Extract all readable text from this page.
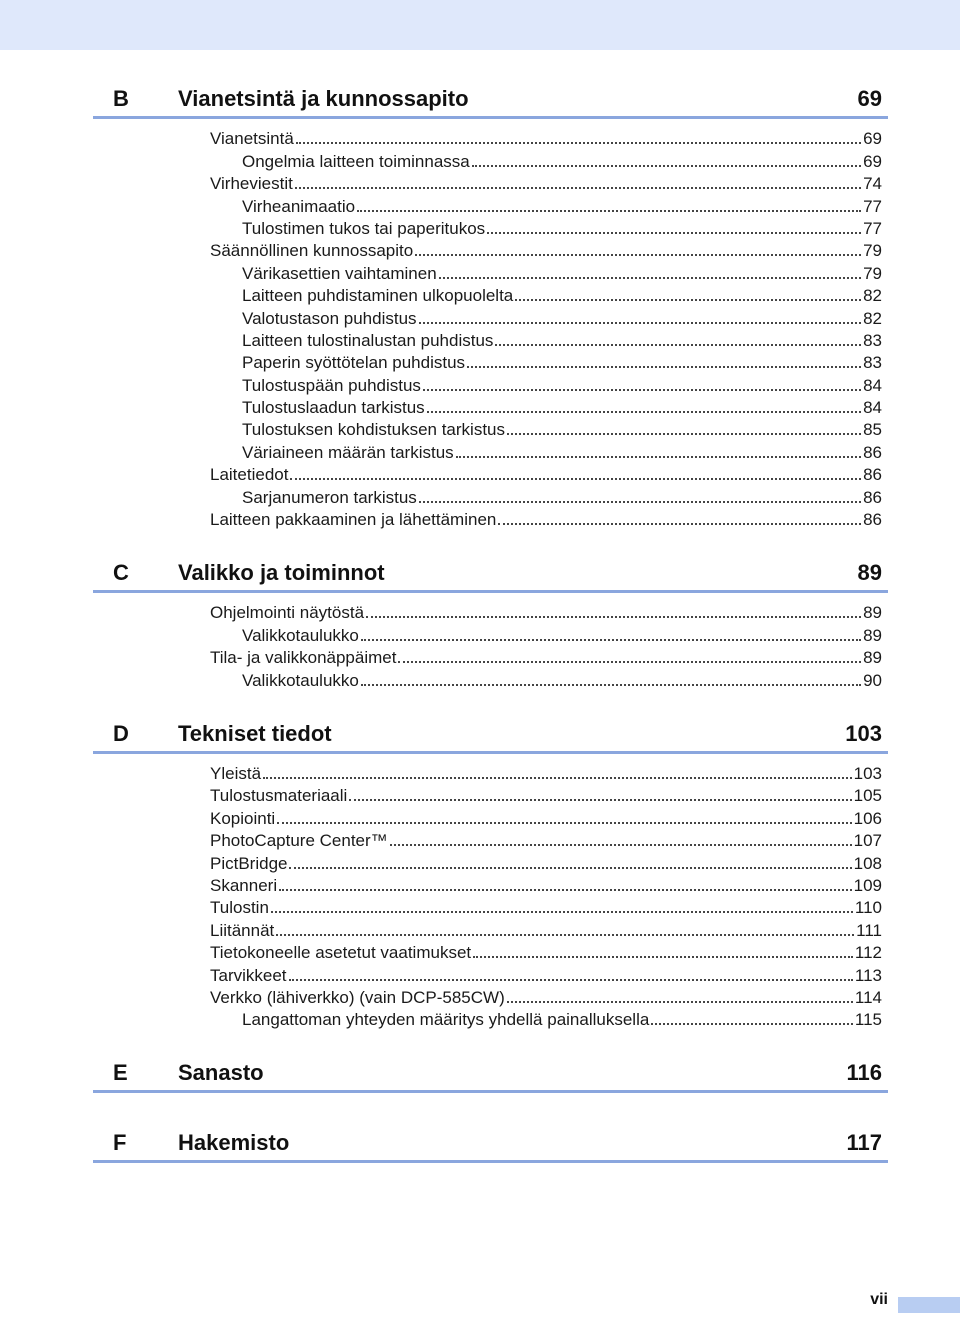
B Vianetsintä ja kunnossapito	69
Vianetsintä	69
Ongelmia laitteen toiminnassa	69
Virheviestit	74
Virheanimaatio	77
Tulostimen tukos tai paperitukos	77
Säännöllinen kunnossapito	79
Värikasettien vaihtaminen	79
Laitteen puhdistaminen ulkopuolelta	82
Valotustason puhdistus	82
Laitteen tulostinalustan puhdistus	83
Paperin syöttötelan puhdistus	83
Tulostuspään puhdistus	84
Tulostuslaadun tarkistus	84
Tulostuksen kohdistuksen tarkistus	85
Väriaineen määrän tarkistus	86
Laitetiedot	86
Sarjanumeron tarkistus	86
Laitteen pakkaaminen ja lähettäminen	86
C Valikko ja toiminnot	89
Ohjelmointi näytöstä	89
Valikkotaulukko	89
Tila- ja valikkonäppäimet	89
Valikkotaulukko	90
D Tekniset tiedot	103
Yleistä	103
Tulostusmateriaali	105
Kopiointi	106
PhotoCapture Center™	107
PictBridge	108
Skanneri	109
Tulostin	110
Liitännät	111
Tietokoneelle asetetut vaatimukset	112
Tarvikkeet	113
Verkko (lähiverkko) (vain DCP-585CW)	114
Langattoman yhteyden määritys yhdellä painalluksella	115
E Sanasto	116
F Hakemisto	117
vii
